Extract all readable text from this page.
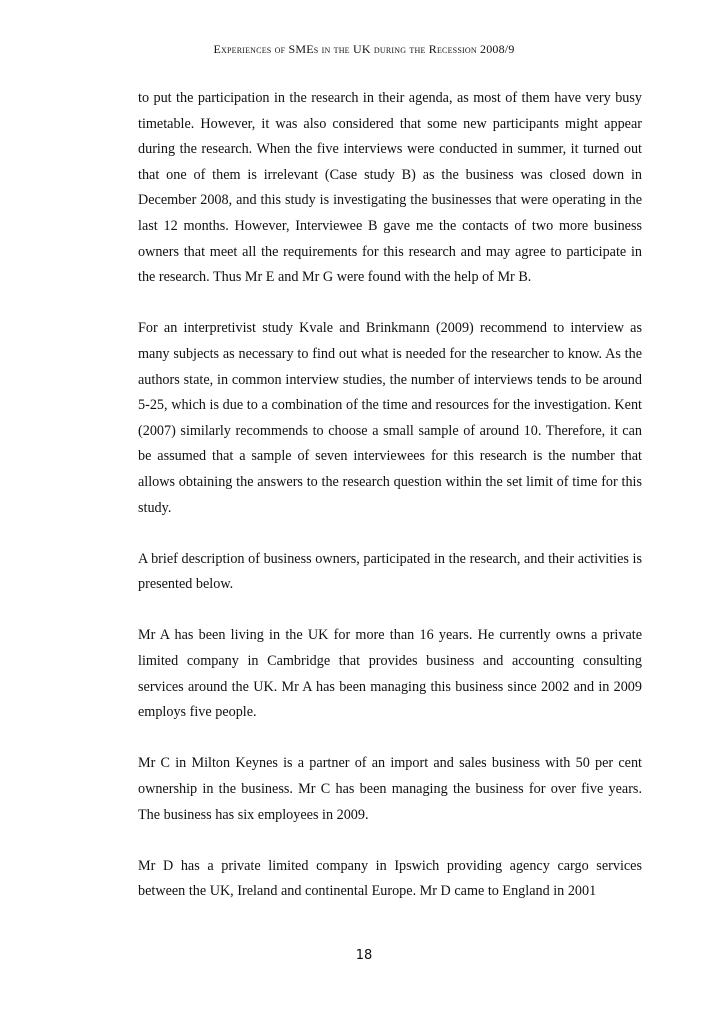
Experiences of SMEs in the UK during the Recession 2008/9

to put the participation in the research in their agenda, as most of them have very busy timetable. However, it was also considered that some new participants might appear during the research. When the five interviews were conducted in summer, it turned out that one of them is irrelevant (Case study B) as the business was closed down in December 2008, and this study is investigating the businesses that were operating in the last 12 months. However, Interviewee B gave me the contacts of two more business owners that meet all the requirements for this research and may agree to participate in the research. Thus Mr E and Mr G were found with the help of Mr B.

For an interpretivist study Kvale and Brinkmann (2009) recommend to interview as many subjects as necessary to find out what is needed for the researcher to know. As the authors state, in common interview studies, the number of interviews tends to be around 5-25, which is due to a combination of the time and resources for the investigation. Kent (2007) similarly recommends to choose a small sample of around 10. Therefore, it can be assumed that a sample of seven interviewees for this research is the number that allows obtaining the answers to the research question within the set limit of time for this study.

A brief description of business owners, participated in the research, and their activities is presented below.

Mr A has been living in the UK for more than 16 years. He currently owns a private limited company in Cambridge that provides business and accounting consulting services around the UK. Mr A has been managing this business since 2002 and in 2009 employs five people.

Mr C in Milton Keynes is a partner of an import and sales business with 50 per cent ownership in the business. Mr C has been managing the business for over five years. The business has six employees in 2009.

Mr D has a private limited company in Ipswich providing agency cargo services between the UK, Ireland and continental Europe. Mr D came to England in 2001

18
